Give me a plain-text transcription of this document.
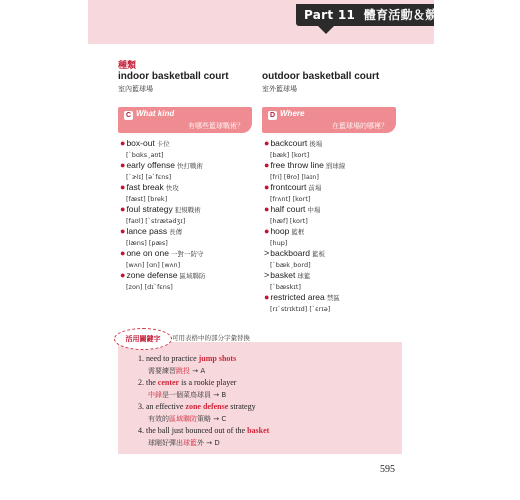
Part 11 體育活動＆競賽
種類
indoor basketball court
室內籃球場
outdoor basketball court
室外籃球場
C What kind
有哪些籃球戰術？
D Where
在籃球場的哪裡？
●box-out 卡位
[ˋbɑksˏaʊt]
●early offense 快打戰術
[ˋɝlɪ] [əˋfɛns]
●fast break 快攻
[fæst] [brek]
●foul strategy 犯規戰術
[faʊl] [ˋstrætədʒɪ]
●lance pass 長傳
[læns] [pæs]
●one on one 一對一防守
[wʌn] [ɑn] [wʌn]
●zone defense 區域聯防
[zon] [dɪˋfɛns]
●backcourt 後場
[bæk] [kort]
●free throw line 罰球線
[fri] [θro] [laɪn]
●frontcourt 前場
[frʌnt] [kort]
●half court 中場
[hæf] [kort]
●hoop 籃框
[hup]
>backboard 籃板
[ˋbækˏbord]
>basket 球籃
[ˋbæskɪt]
●restricted area 禁區
[rɪˋstrɪktɪd] [ˋɛrɪə]
1. need to practice jump shots
需要練習跳投 → A
2. the center is a rookie player
中鋒是一個菜鳥球員 → B
3. an effective zone defense strategy
有效的區域聯防策略 → C
4. the ball just bounced out of the basket
球剛好彈出球籃外 → D
活用關鍵字	可用表格中的部分字彙替換
595
